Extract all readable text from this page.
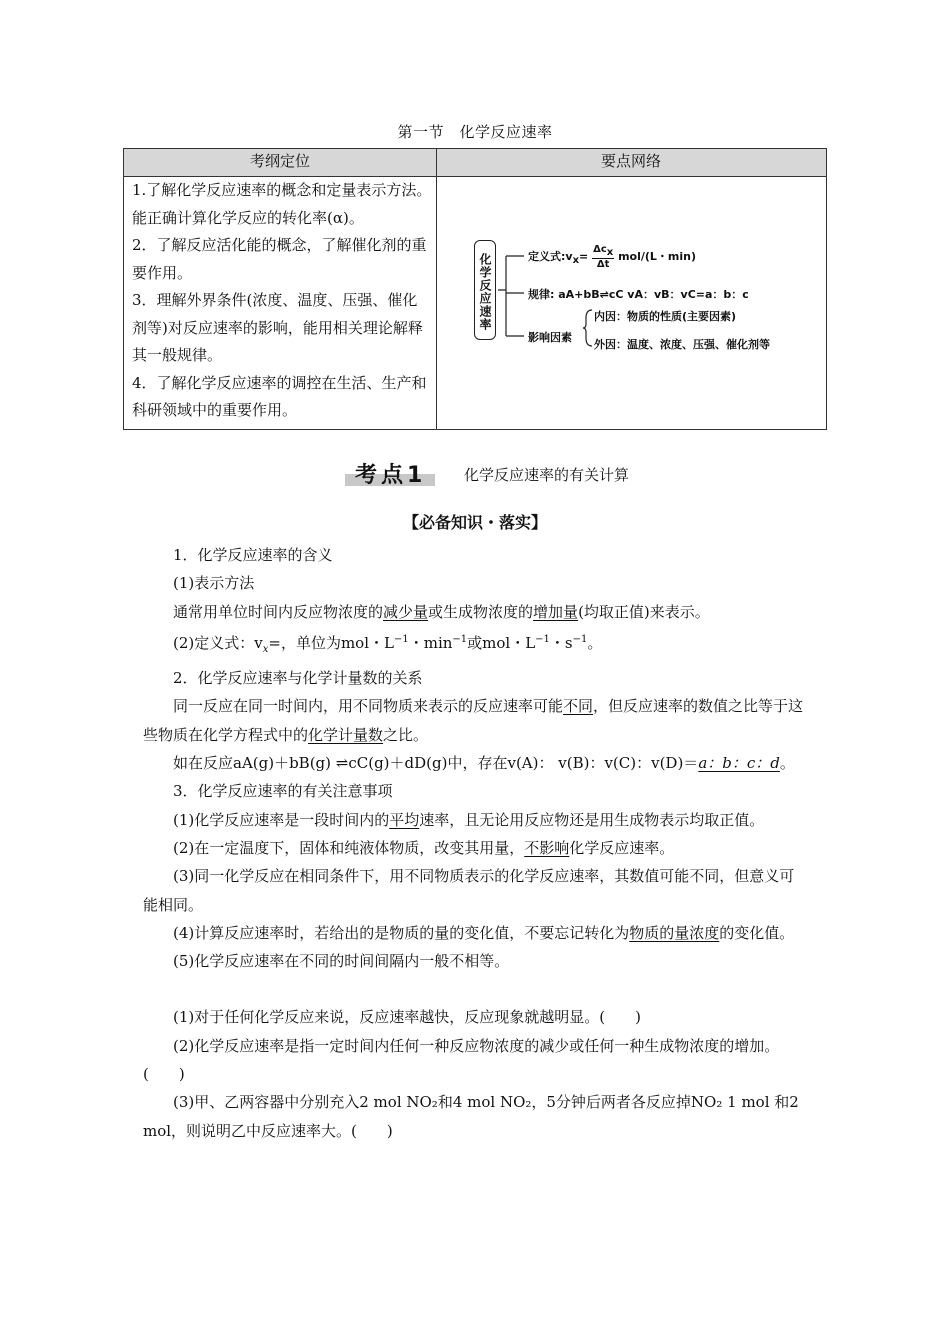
第一节　化学反应速率
考纲定位	要点网络

1.了解化学反应速率的概念和定量表示方法。能正确计算化学反应的转化率(α)。

2．了解反应活化能的概念，了解催化剂的重要作用。

3．理解外界条件(浓度、温度、压强、催化剂等)对反应速率的影响，能用相关理论解释其一般规律。

4．了解化学反应速率的调控在生活、生产和科研领域中的重要作用。

化学反应速率	定义式$:v_x= \frac{\Delta c_x}{\Delta t} mol/(L$・min)
规律: aA+bB⇌cC vA：vB：vC=a：b：c
影响因素
内因：物质的性质(主要因素)
外因：温度、浓度、压强、催化剂等
考点1	化学反应速率的有关计算
【必备知识・落实】

1．化学反应速率的含义

(1)表示方法

通常用单位时间内反应物浓度的减少量或生成物浓度的增加量(均取正值)来表示。

(2)定义式：$v_x=$，单位为mol・$L^{-1}$・$\min^{-1}$或mol・$L^{-1}$・$s^{-1}$。

2．化学反应速率与化学计量数的关系

同一反应在同一时间内，用不同物质来表示的反应速率可能不同，但反应速率的数值之比等于这些物质在化学方程式中的化学计量数之比。

如在反应aA(g)＋bB(g) ⇌cC(g)＋dD(g)中，存在v(A)： v(B)：v(C)：v(D)＝a：b：c：d。

3．化学反应速率的有关注意事项

(1)化学反应速率是一段时间内的平均速率，且无论用反应物还是用生成物表示均取正值。

(2)在一定温度下，固体和纯液体物质，改变其用量，不影响化学反应速率。

(3)同一化学反应在相同条件下，用不同物质表示的化学反应速率，其数值可能不同，但意义可能相同。

(4)计算反应速率时，若给出的是物质的量的变化值，不要忘记转化为物质的量浓度的变化值。

(5)化学反应速率在不同的时间间隔内一般不相等。

(1)对于任何化学反应来说，反应速率越快，反应现象就越明显。(　　)

(2)化学反应速率是指一定时间内任何一种反应物浓度的减少或任何一种生成物浓度的增加。(　　)

(3)甲、乙两容器中分别充入2 mol NO₂和4 mol NO₂，5分钟后两者各反应掉NO₂ 1 mol 和2 mol，则说明乙中反应速率大。(　　)
